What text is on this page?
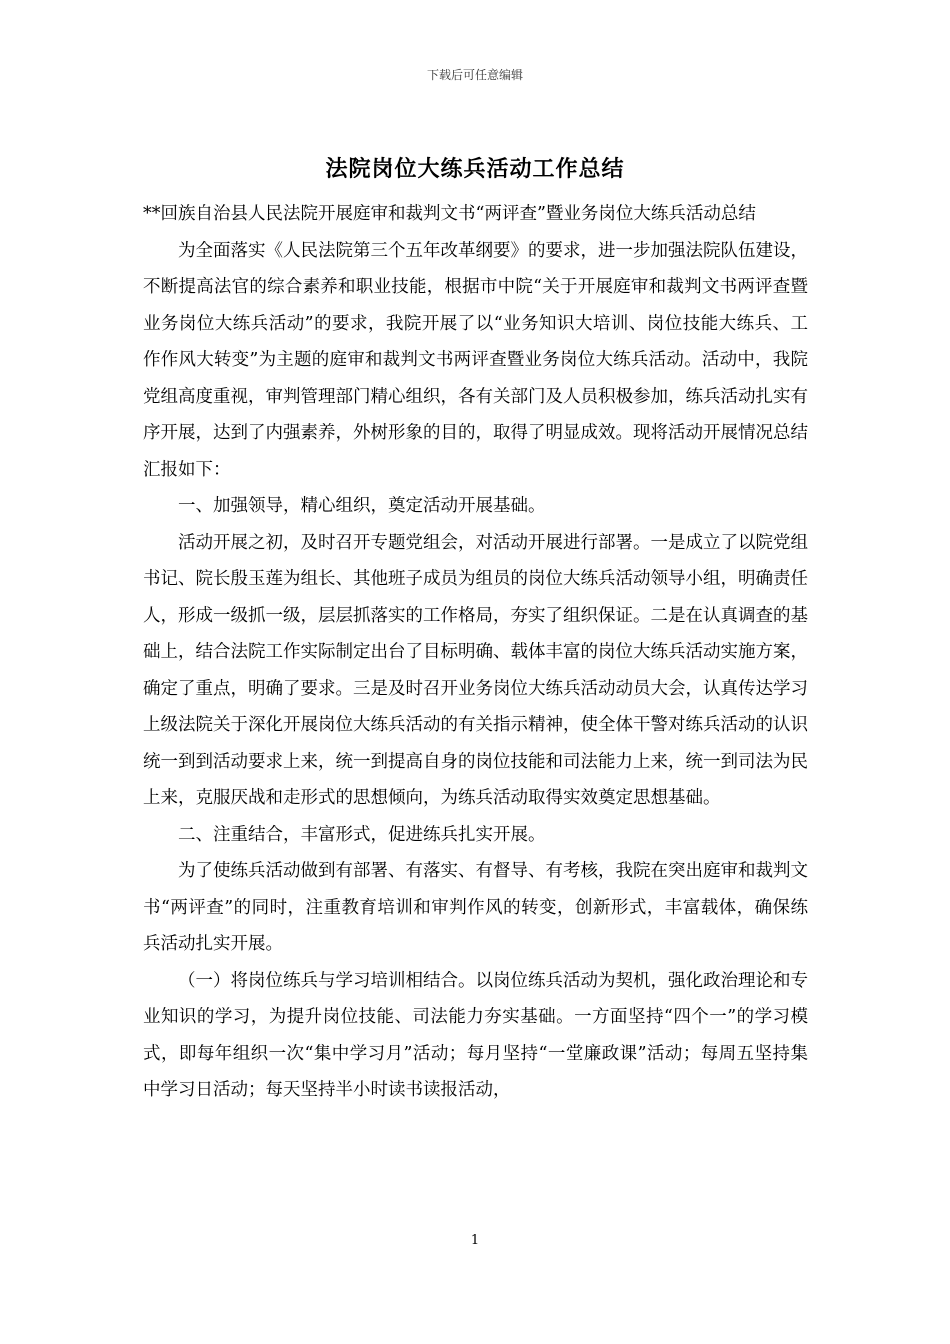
下载后可任意编辑
法院岗位大练兵活动工作总结

**回族自治县人民法院开展庭审和裁判文书“两评查”暨业务岗位大练兵活动总结

为全面落实《人民法院第三个五年改革纲要》的要求，进一步加强法院队伍建设，不断提高法官的综合素养和职业技能，根据市中院“关于开展庭审和裁判文书两评查暨业务岗位大练兵活动”的要求，我院开展了以“业务知识大培训、岗位技能大练兵、工作作风大转变”为主题的庭审和裁判文书两评查暨业务岗位大练兵活动。活动中，我院党组高度重视，审判管理部门精心组织，各有关部门及人员积极参加，练兵活动扎实有序开展，达到了内强素养，外树形象的目的，取得了明显成效。现将活动开展情况总结汇报如下：

一、加强领导，精心组织，奠定活动开展基础。

活动开展之初，及时召开专题党组会，对活动开展进行部署。一是成立了以院党组书记、院长殷玉莲为组长、其他班子成员为组员的岗位大练兵活动领导小组，明确责任人，形成一级抓一级，层层抓落实的工作格局，夯实了组织保证。二是在认真调查的基础上，结合法院工作实际制定出台了目标明确、载体丰富的岗位大练兵活动实施方案，确定了重点，明确了要求。三是及时召开业务岗位大练兵活动动员大会，认真传达学习上级法院关于深化开展岗位大练兵活动的有关指示精神，使全体干警对练兵活动的认识统一到到活动要求上来，统一到提高自身的岗位技能和司法能力上来，统一到司法为民上来，克服厌战和走形式的思想倾向，为练兵活动取得实效奠定思想基础。

二、注重结合，丰富形式，促进练兵扎实开展。

为了使练兵活动做到有部署、有落实、有督导、有考核，我院在突出庭审和裁判文书“两评查”的同时，注重教育培训和审判作风的转变，创新形式，丰富载体，确保练兵活动扎实开展。

（一）将岗位练兵与学习培训相结合。以岗位练兵活动为契机，强化政治理论和专业知识的学习，为提升岗位技能、司法能力夯实基础。一方面坚持“四个一”的学习模式，即每年组织一次“集中学习月”活动；每月坚持“一堂廉政课”活动；每周五坚持集中学习日活动；每天坚持半小时读书读报活动，

1
